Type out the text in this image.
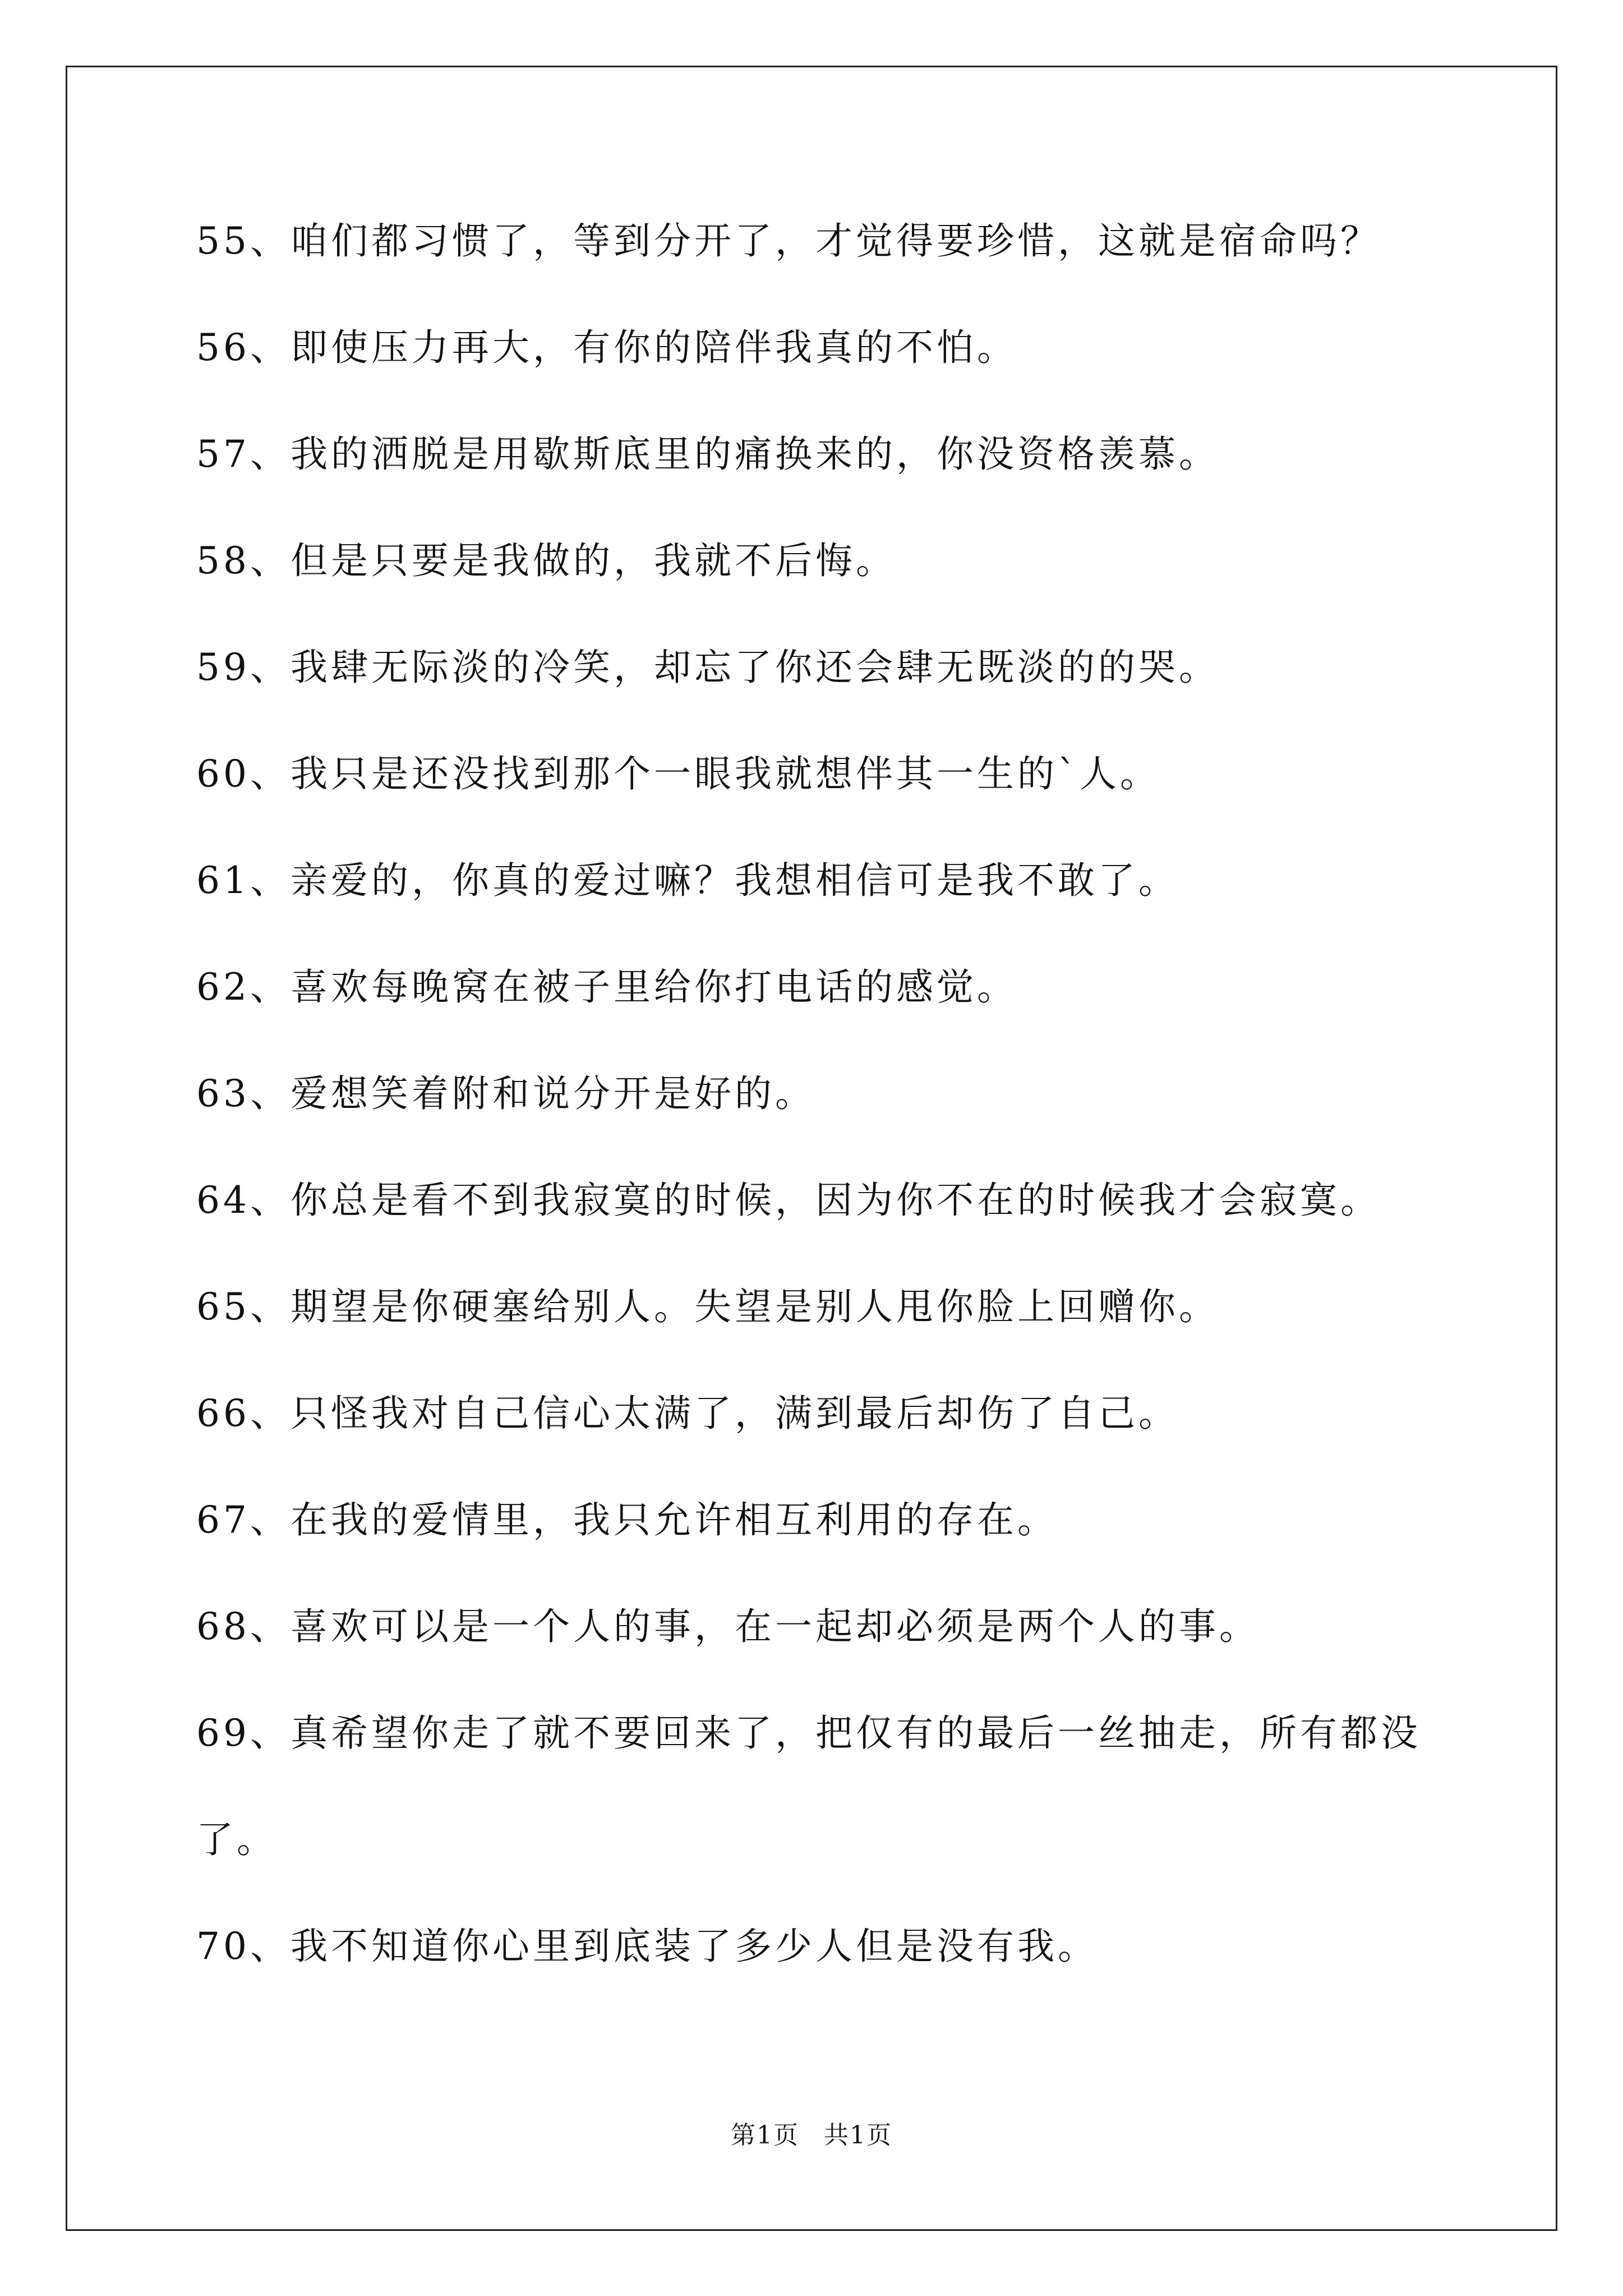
55、咱们都习惯了，等到分开了，才觉得要珍惜，这就是宿命吗？

56、即使压力再大，有你的陪伴我真的不怕。

57、我的洒脱是用歇斯底里的痛换来的，你没资格羡慕。

58、但是只要是我做的，我就不后悔。

59、我肆无际淡的冷笑，却忘了你还会肆无既淡的的哭。

60、我只是还没找到那个一眼我就想伴其一生的`人。

61、亲爱的，你真的爱过嘛？我想相信可是我不敢了。

62、喜欢每晚窝在被子里给你打电话的感觉。

63、爱想笑着附和说分开是好的。

64、你总是看不到我寂寞的时候，因为你不在的时候我才会寂寞。

65、期望是你硬塞给别人。失望是别人甩你脸上回赠你。

66、只怪我对自己信心太满了，满到最后却伤了自己。

67、在我的爱情里，我只允许相互利用的存在。

68、喜欢可以是一个人的事，在一起却必须是两个人的事。

69、真希望你走了就不要回来了，把仅有的最后一丝抽走，所有都没了。

70、我不知道你心里到底装了多少人但是没有我。

第1页 共1页
